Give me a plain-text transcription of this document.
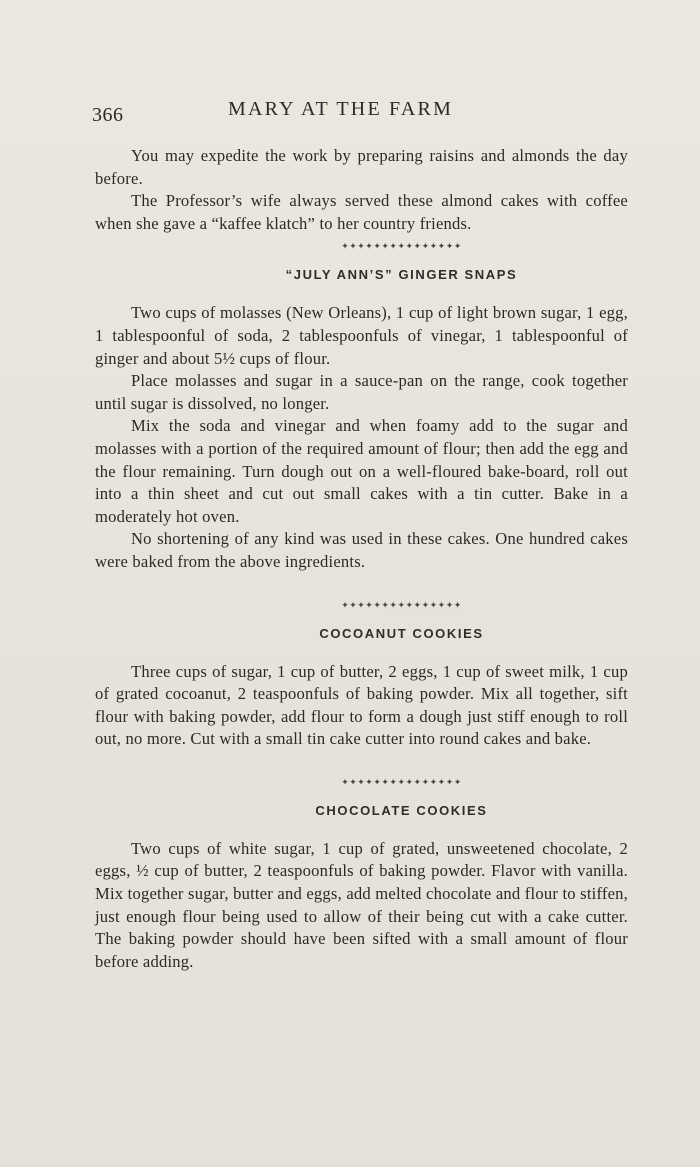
366	MARY AT THE FARM

You may expedite the work by preparing raisins and almonds the day before.

The Professor’s wife always served these almond cakes with coffee when she gave a “kaffee klatch” to her country friends.

✦✦✦✦✦✦✦✦✦✦✦✦✦✦✦
“JULY ANN’S” GINGER SNAPS

Two cups of molasses (New Orleans), 1 cup of light brown sugar, 1 egg, 1 tablespoonful of soda, 2 tablespoonfuls of vinegar, 1 tablespoonful of ginger and about 5½ cups of flour.

Place molasses and sugar in a sauce-pan on the range, cook together until sugar is dissolved, no longer.

Mix the soda and vinegar and when foamy add to the sugar and molasses with a portion of the required amount of flour; then add the egg and the flour remaining. Turn dough out on a well-floured bake-board, roll out into a thin sheet and cut out small cakes with a tin cutter. Bake in a moderately hot oven.

No shortening of any kind was used in these cakes. One hundred cakes were baked from the above ingredients.

✦✦✦✦✦✦✦✦✦✦✦✦✦✦✦
COCOANUT COOKIES

Three cups of sugar, 1 cup of butter, 2 eggs, 1 cup of sweet milk, 1 cup of grated cocoanut, 2 teaspoonfuls of baking powder. Mix all together, sift flour with baking powder, add flour to form a dough just stiff enough to roll out, no more. Cut with a small tin cake cutter into round cakes and bake.

✦✦✦✦✦✦✦✦✦✦✦✦✦✦✦
CHOCOLATE COOKIES

Two cups of white sugar, 1 cup of grated, unsweetened chocolate, 2 eggs, ½ cup of butter, 2 teaspoonfuls of baking powder. Flavor with vanilla. Mix together sugar, butter and eggs, add melted chocolate and flour to stiffen, just enough flour being used to allow of their being cut with a cake cutter. The baking powder should have been sifted with a small amount of flour before adding.
